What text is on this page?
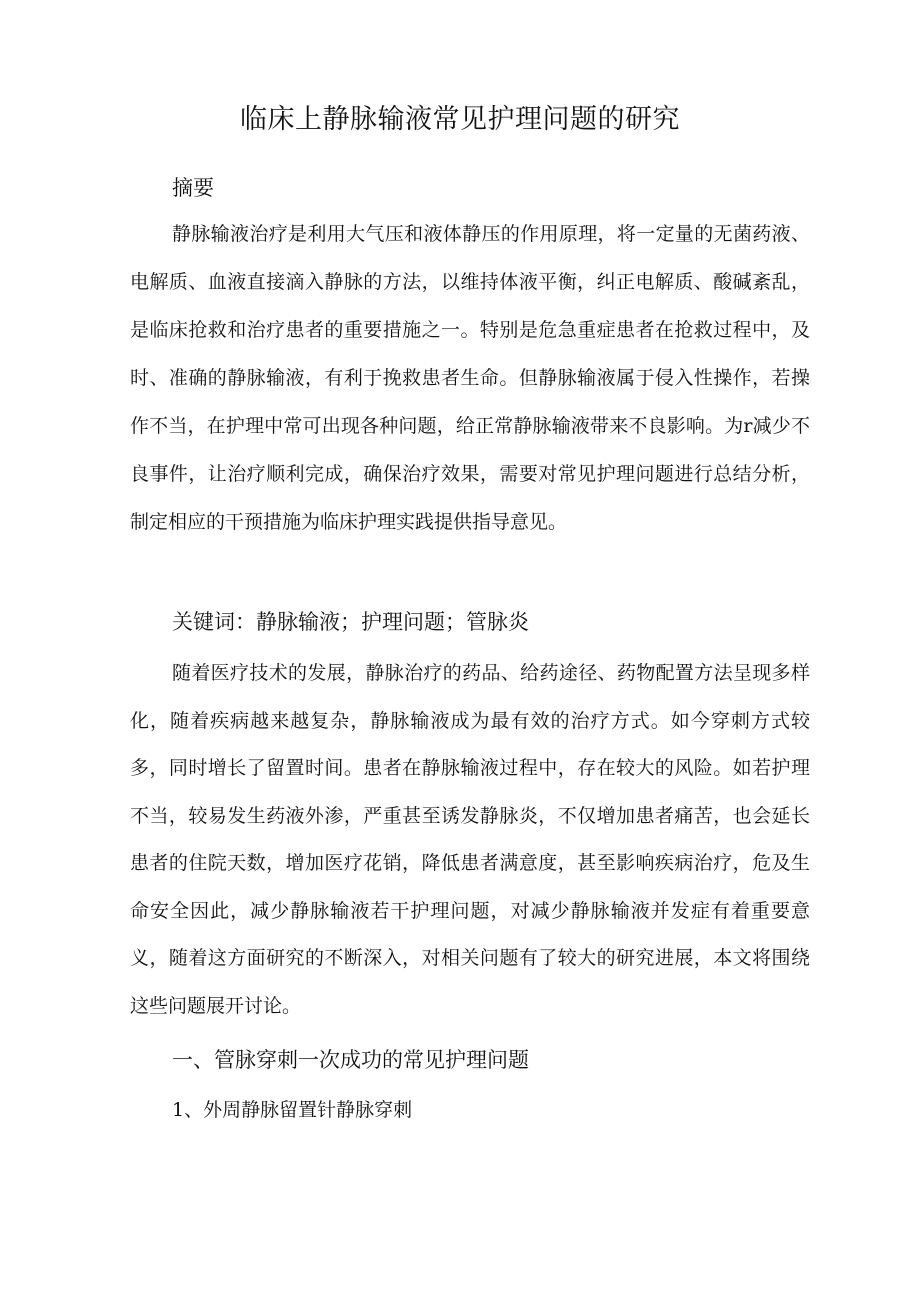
临床上静脉输液常见护理问题的研究
摘要

静脉输液治疗是利用大气压和液体静压的作用原理，将一定量的无菌药液、电解质、血液直接滴入静脉的方法，以维持体液平衡，纠正电解质、酸碱紊乱，是临床抢救和治疗患者的重要措施之一。特别是危急重症患者在抢救过程中，及时、准确的静脉输液，有利于挽救患者生命。但静脉输液属于侵入性操作，若操作不当，在护理中常可出现各种问题，给正常静脉输液带来不良影响。为r减少不良事件，让治疗顺利完成，确保治疗效果，需要对常见护理问题进行总结分析，制定相应的干预措施为临床护理实践提供指导意见。

关键词：静脉输液；护理问题；管脉炎

随着医疗技术的发展，静脉治疗的药品、给药途径、药物配置方法呈现多样化，随着疾病越来越复杂，静脉输液成为最有效的治疗方式。如今穿刺方式较多，同时增长了留置时间。患者在静脉输液过程中，存在较大的风险。如若护理不当，较易发生药液外渗，严重甚至诱发静脉炎，不仅增加患者痛苦，也会延长患者的住院天数，增加医疗花销，降低患者满意度，甚至影响疾病治疗，危及生命安全因此，减少静脉输液若干护理问题，对减少静脉输液并发症有着重要意义，随着这方面研究的不断深入，对相关问题有了较大的研究进展，本文将围绕这些问题展开讨论。

一、管脉穿刺一次成功的常见护理问题
1、外周静脉留置针静脉穿刺
